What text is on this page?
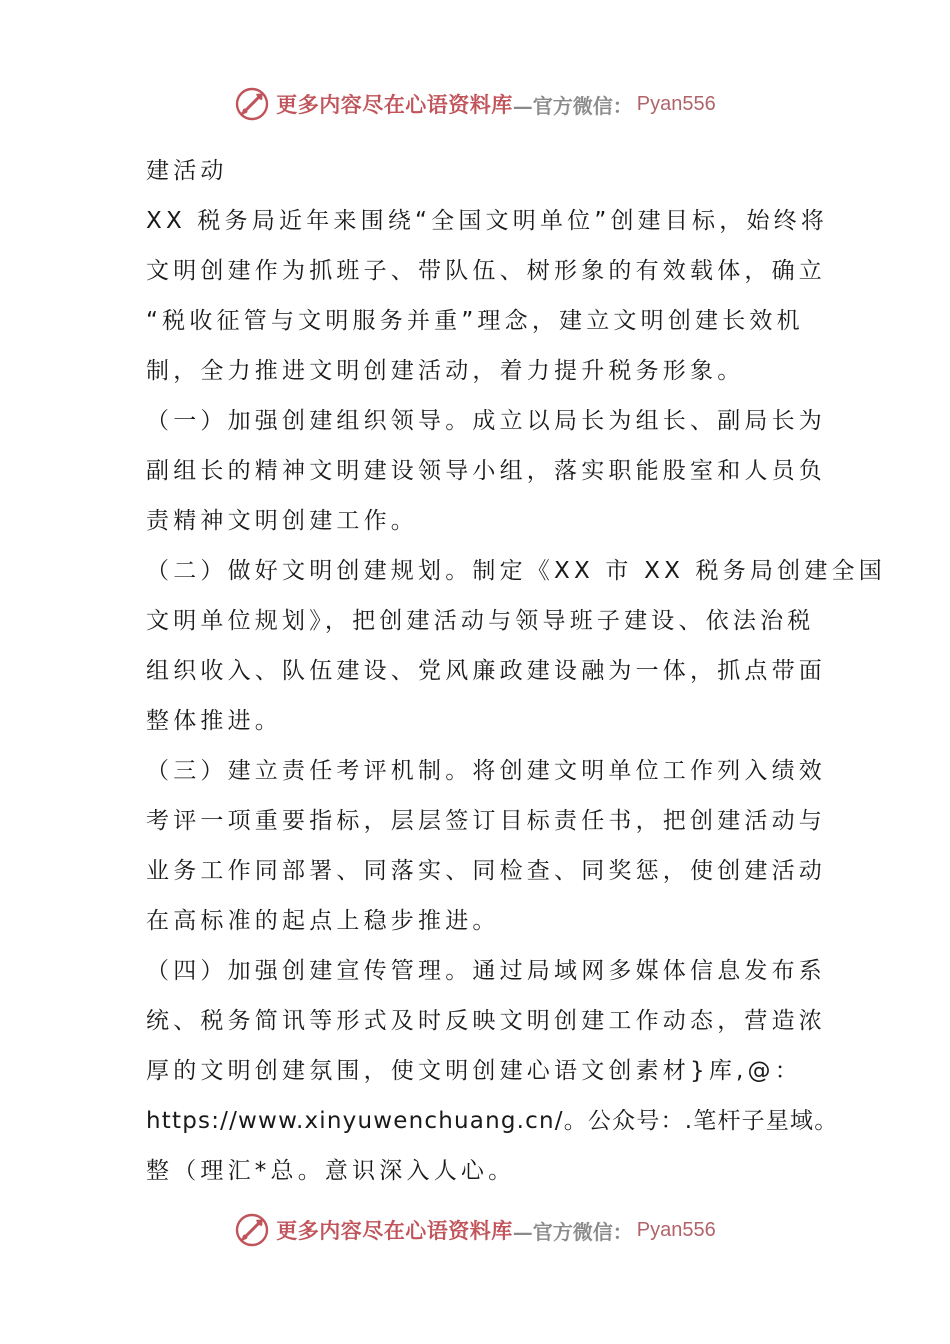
更多内容尽在心语资料库 —官方微信： Pyan556
建活动
XX 税务局近年来围绕“全国文明单位”创建目标，始终将
文明创建作为抓班子、带队伍、树形象的有效载体，确立
“税收征管与文明服务并重”理念，建立文明创建长效机
制，全力推进文明创建活动，着力提升税务形象。
（一）加强创建组织领导。成立以局长为组长、副局长为
副组长的精神文明建设领导小组，落实职能股室和人员负
责精神文明创建工作。
（二）做好文明创建规划。制定《XX 市 XX 税务局创建全国
文明单位规划》，把创建活动与领导班子建设、依法治税
组织收入、队伍建设、党风廉政建设融为一体，抓点带面
整体推进。
（三）建立责任考评机制。将创建文明单位工作列入绩效
考评一项重要指标，层层签订目标责任书，把创建活动与
业务工作同部署、同落实、同检查、同奖惩，使创建活动
在高标准的起点上稳步推进。
（四）加强创建宣传管理。通过局域网多媒体信息发布系
统、税务简讯等形式及时反映文明创建工作动态，营造浓
厚的文明创建氛围，使文明创建心语文创素材}库,@：
https://www.xinyuwenchuang.cn/。公众号：.笔杆子星域。
整（理汇*总。意识深入人心。
更多内容尽在心语资料库 —官方微信： Pyan556
